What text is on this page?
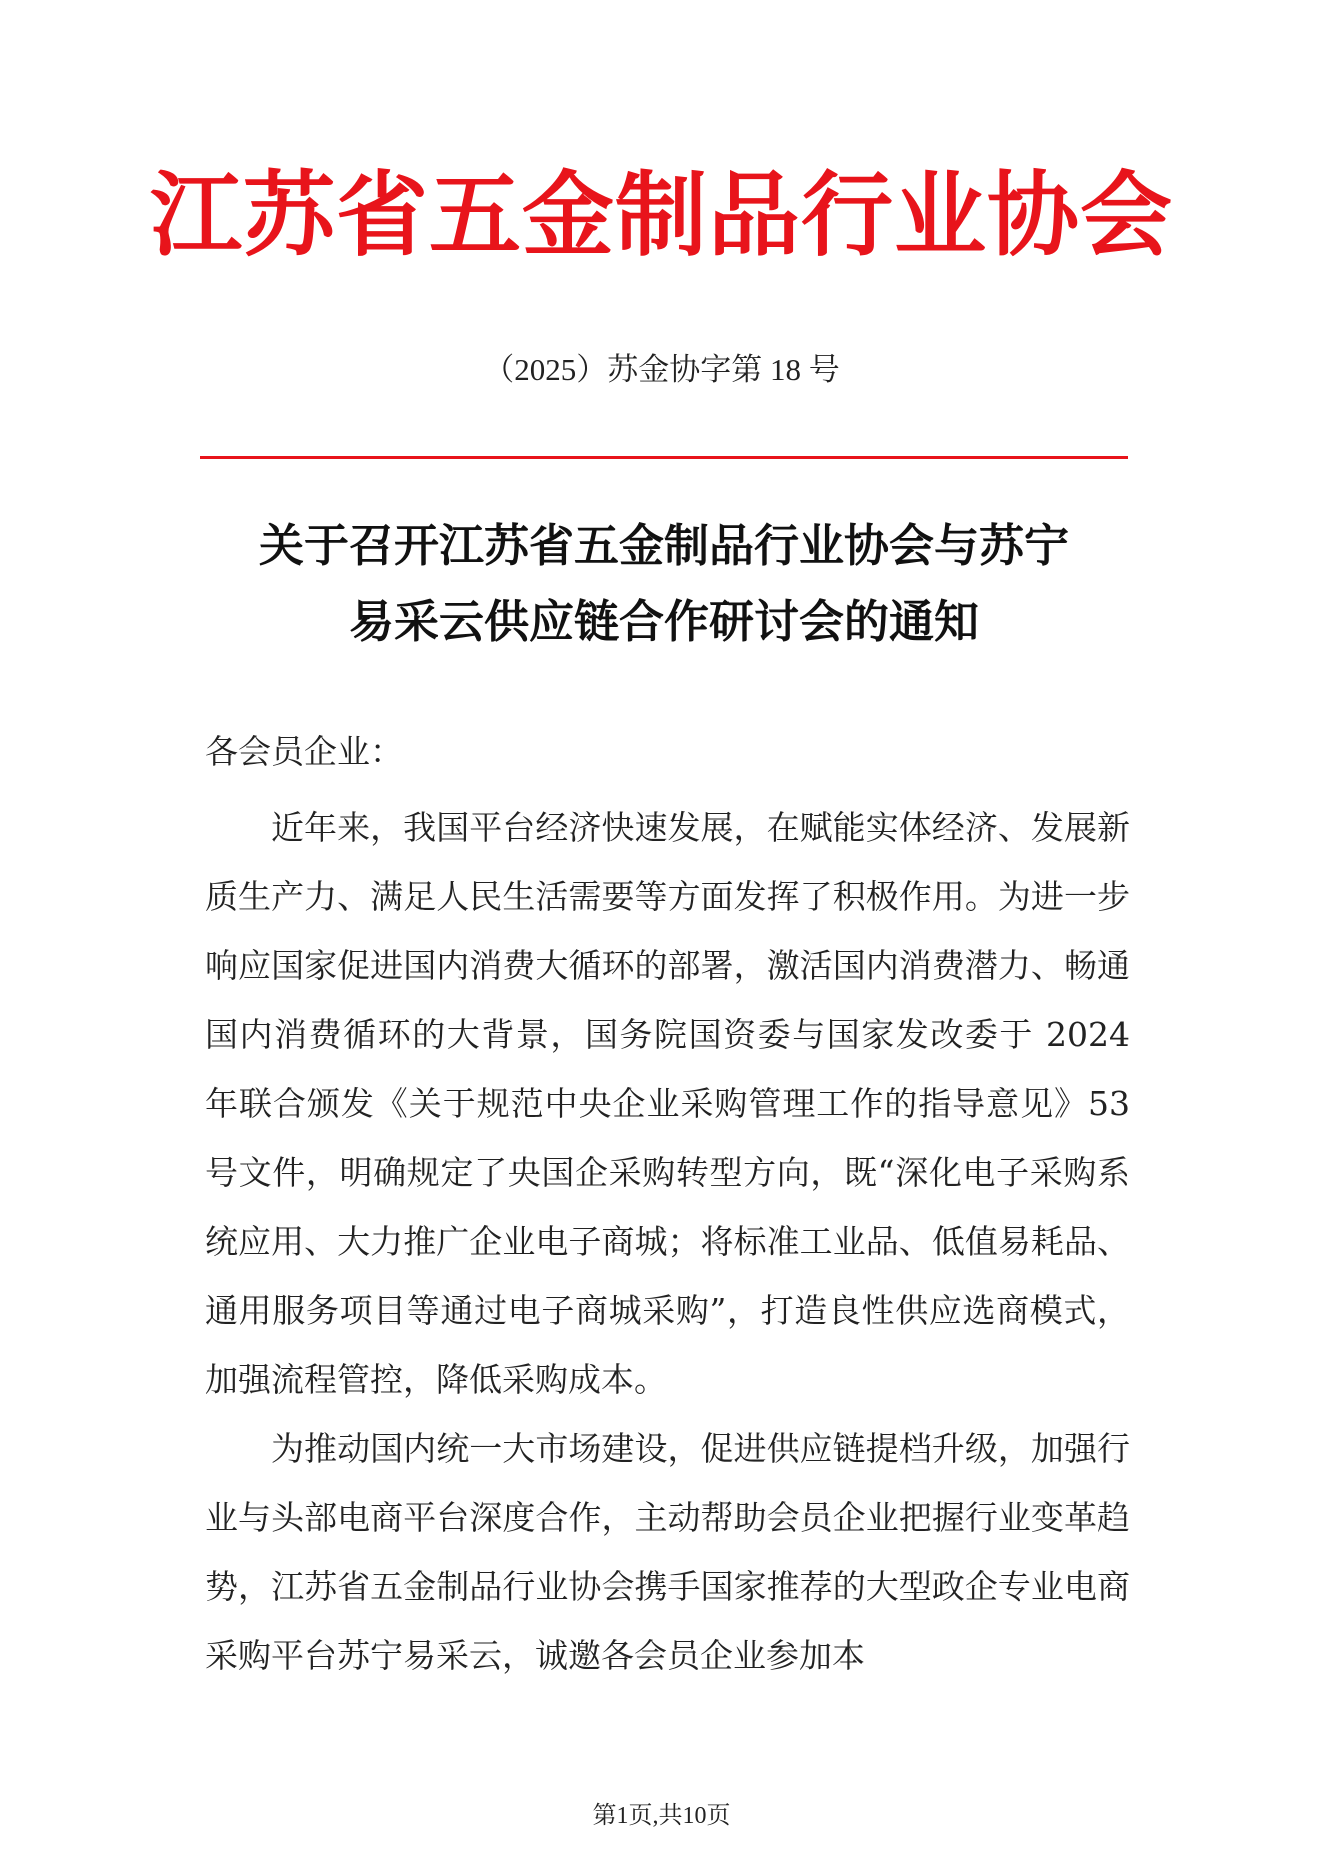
江苏省五金制品行业协会
（2025）苏金协字第 18 号
关于召开江苏省五金制品行业协会与苏宁
易采云供应链合作研讨会的通知
各会员企业：

近年来，我国平台经济快速发展，在赋能实体经济、发展新质生产力、满足人民生活需要等方面发挥了积极作用。为进一步响应国家促进国内消费大循环的部署，激活国内消费潜力、畅通国内消费循环的大背景，国务院国资委与国家发改委于 2024 年联合颁发《关于规范中央企业采购管理工作的指导意见》53 号文件，明确规定了央国企采购转型方向，既“深化电子采购系统应用、大力推广企业电子商城；将标准工业品、低值易耗品、通用服务项目等通过电子商城采购”，打造良性供应选商模式，加强流程管控，降低采购成本。

为推动国内统一大市场建设，促进供应链提档升级，加强行业与头部电商平台深度合作，主动帮助会员企业把握行业变革趋势，江苏省五金制品行业协会携手国家推荐的大型政企专业电商采购平台苏宁易采云，诚邀各会员企业参加本

第1页,共10页
